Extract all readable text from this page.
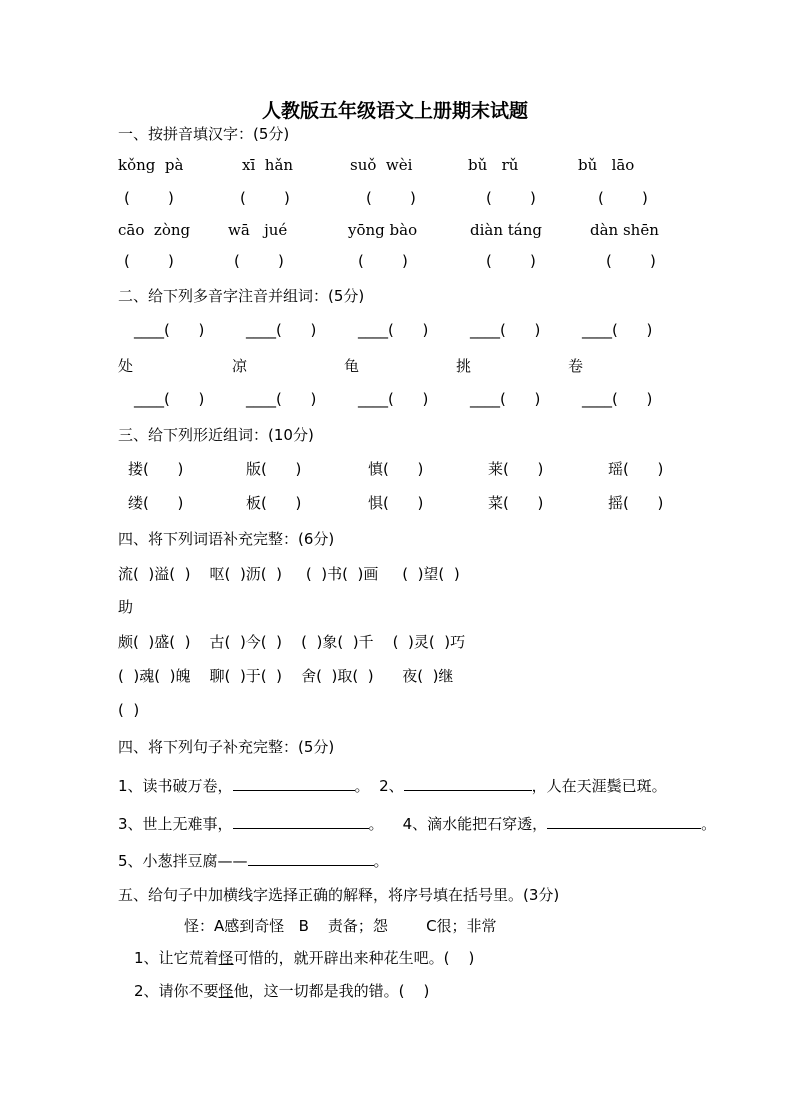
人教版五年级语文上册期末试题
一、按拼音填汉字：(5分)
kǒng  pà	xī  hǎn	suǒ  wèi	bǔ   rǔ	bǔ   lāo
(        )	(        )	(        )	(        )	(        )
cāo  zòng	wā   jué	yōng bào	diàn táng	dàn shēn
(        )	(        )	(        )	(        )	(        )
二、给下列多音字注音并组词：(5分)
____(      )	____(      )	____(      )	____(      )	____(      )
处	凉	龟	挑	卷
____(      )	____(      )	____(      )	____(      )	____(      )
三、给下列形近组词：(10分)
搂(      )	版(      )	慎(      )	莱(      )	瑶(      )
缕(      )	板(      )	惧(      )	菜(      )	摇(      )
四、将下列词语补充完整：(6分)
流(  )溢(  )    呕(  )沥(  )     (  )书(  )画     (  )望(  )
助
颇(  )盛(  )    古(  )今(  )    (  )象(  )千    (  )灵(  )巧
(  )魂(  )魄    聊(  )于(  )    舍(  )取(  )      夜(  )继
(  )
四、将下列句子补充完整：(5分)
1、读书破万卷，	。  2、	，人在天涯鬓已斑。
3、世上无难事，	。    4、滴水能把石穿透，	。
5、小葱拌豆腐——	。
五、给句子中加横线字选择正确的解释，将序号填在括号里。(3分)
怪：A感到奇怪   B    责备；怨        C很；非常
1、让它荒着怪可惜的，就开辟出来种花生吧。(    )
2、请你不要怪他，这一切都是我的错。(    )
